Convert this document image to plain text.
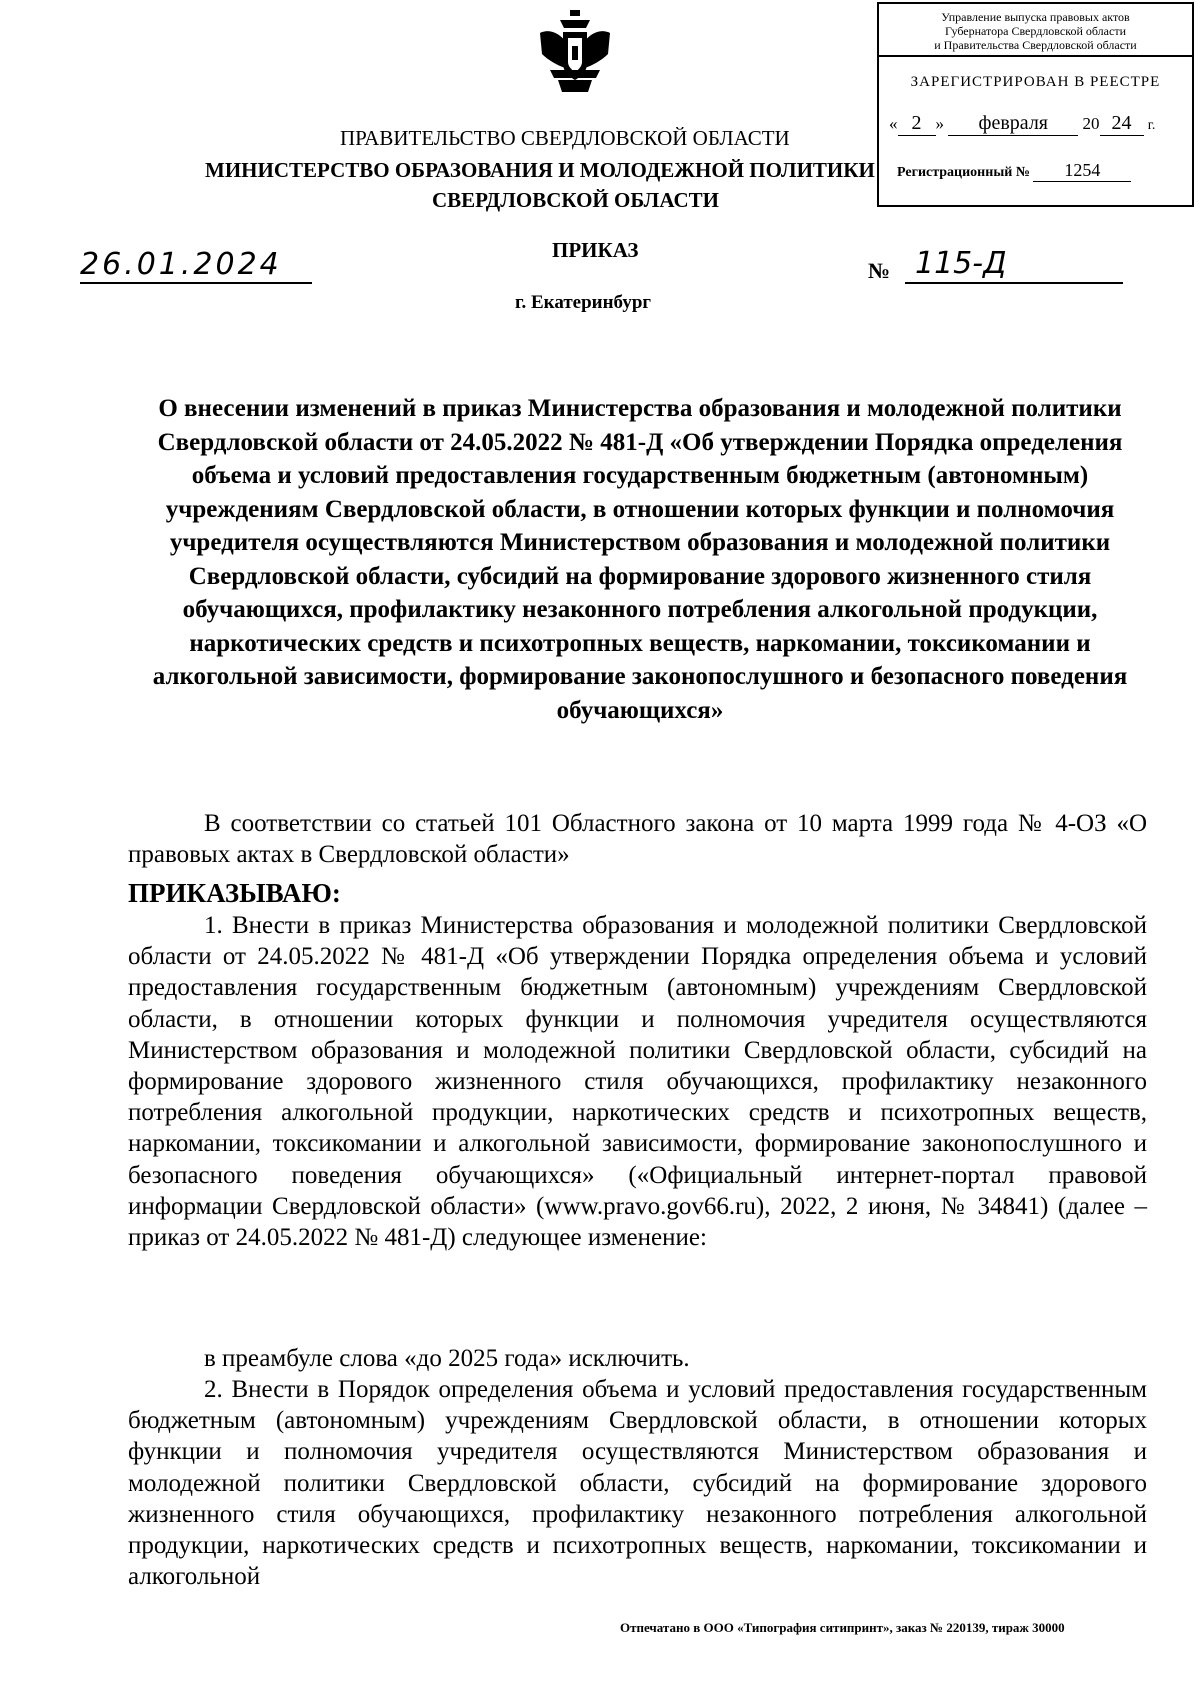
ПРАВИТЕЛЬСТВО СВЕРДЛОВСКОЙ ОБЛАСТИ
МИНИСТЕРСТВО ОБРАЗОВАНИЯ И МОЛОДЕЖНОЙ ПОЛИТИКИ
СВЕРДЛОВСКОЙ ОБЛАСТИ
Управление выпуска правовых актов
Губернатора Свердловской области
и Правительства Свердловской области
ЗАРЕГИСТРИРОВАН В РЕЕСТРЕ
« 2 » февраля 20 24 г.
Регистрационный № 1254
ПРИКАЗ
26.01.2024	№ 115-Д
г. Екатеринбург
О внесении изменений в приказ Министерства образования и молодежной политики Свердловской области от 24.05.2022 № 481-Д «Об утверждении Порядка определения объема и условий предоставления государственным бюджетным (автономным) учреждениям Свердловской области, в отношении которых функции и полномочия учредителя осуществляются Министерством образования и молодежной политики Свердловской области, субсидий на формирование здорового жизненного стиля обучающихся, профилактику незаконного потребления алкогольной продукции, наркотических средств и психотропных веществ, наркомании, токсикомании и алкогольной зависимости, формирование законопослушного и безопасного поведения обучающихся»
В соответствии со статьей 101 Областного закона от 10 марта 1999 года № 4-ОЗ «О правовых актах в Свердловской области»
ПРИКАЗЫВАЮ:
1. Внести в приказ Министерства образования и молодежной политики Свердловской области от 24.05.2022 № 481-Д «Об утверждении Порядка определения объема и условий предоставления государственным бюджетным (автономным) учреждениям Свердловской области, в отношении которых функции и полномочия учредителя осуществляются Министерством образования и молодежной политики Свердловской области, субсидий на формирование здорового жизненного стиля обучающихся, профилактику незаконного потребления алкогольной продукции, наркотических средств и психотропных веществ, наркомании, токсикомании и алкогольной зависимости, формирование законопослушного и безопасного поведения обучающихся» («Официальный интернет-портал правовой информации Свердловской области» (www.pravo.gov66.ru), 2022, 2 июня, № 34841) (далее – приказ от 24.05.2022 № 481-Д) следующее изменение:
в преамбуле слова «до 2025 года» исключить.
2. Внести в Порядок определения объема и условий предоставления государственным бюджетным (автономным) учреждениям Свердловской области, в отношении которых функции и полномочия учредителя осуществляются Министерством образования и молодежной политики Свердловской области, субсидий на формирование здорового жизненного стиля обучающихся, профилактику незаконного потребления алкогольной продукции, наркотических средств и психотропных веществ, наркомании, токсикомании и алкогольной
Отпечатано в ООО «Типография ситипринт», заказ № 220139, тираж 30000
